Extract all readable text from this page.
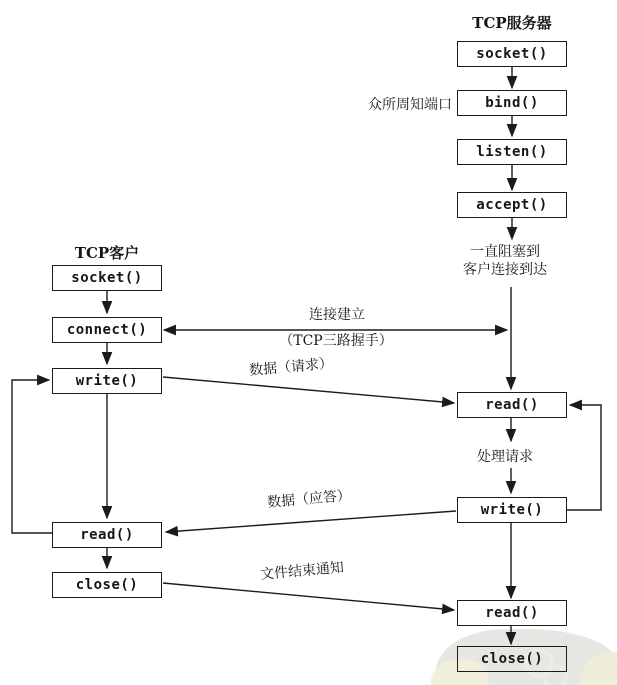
TCP服务器
TCP客户
socket()
bind()
listen()
accept()
read()
write()
read()
close()
socket()
connect()
write()
read()
close()
众所周知端口
一直阻塞到
客户连接到达
连接建立
（TCP三路握手）
数据（请求）
处理请求
数据（应答）
文件结束通知
